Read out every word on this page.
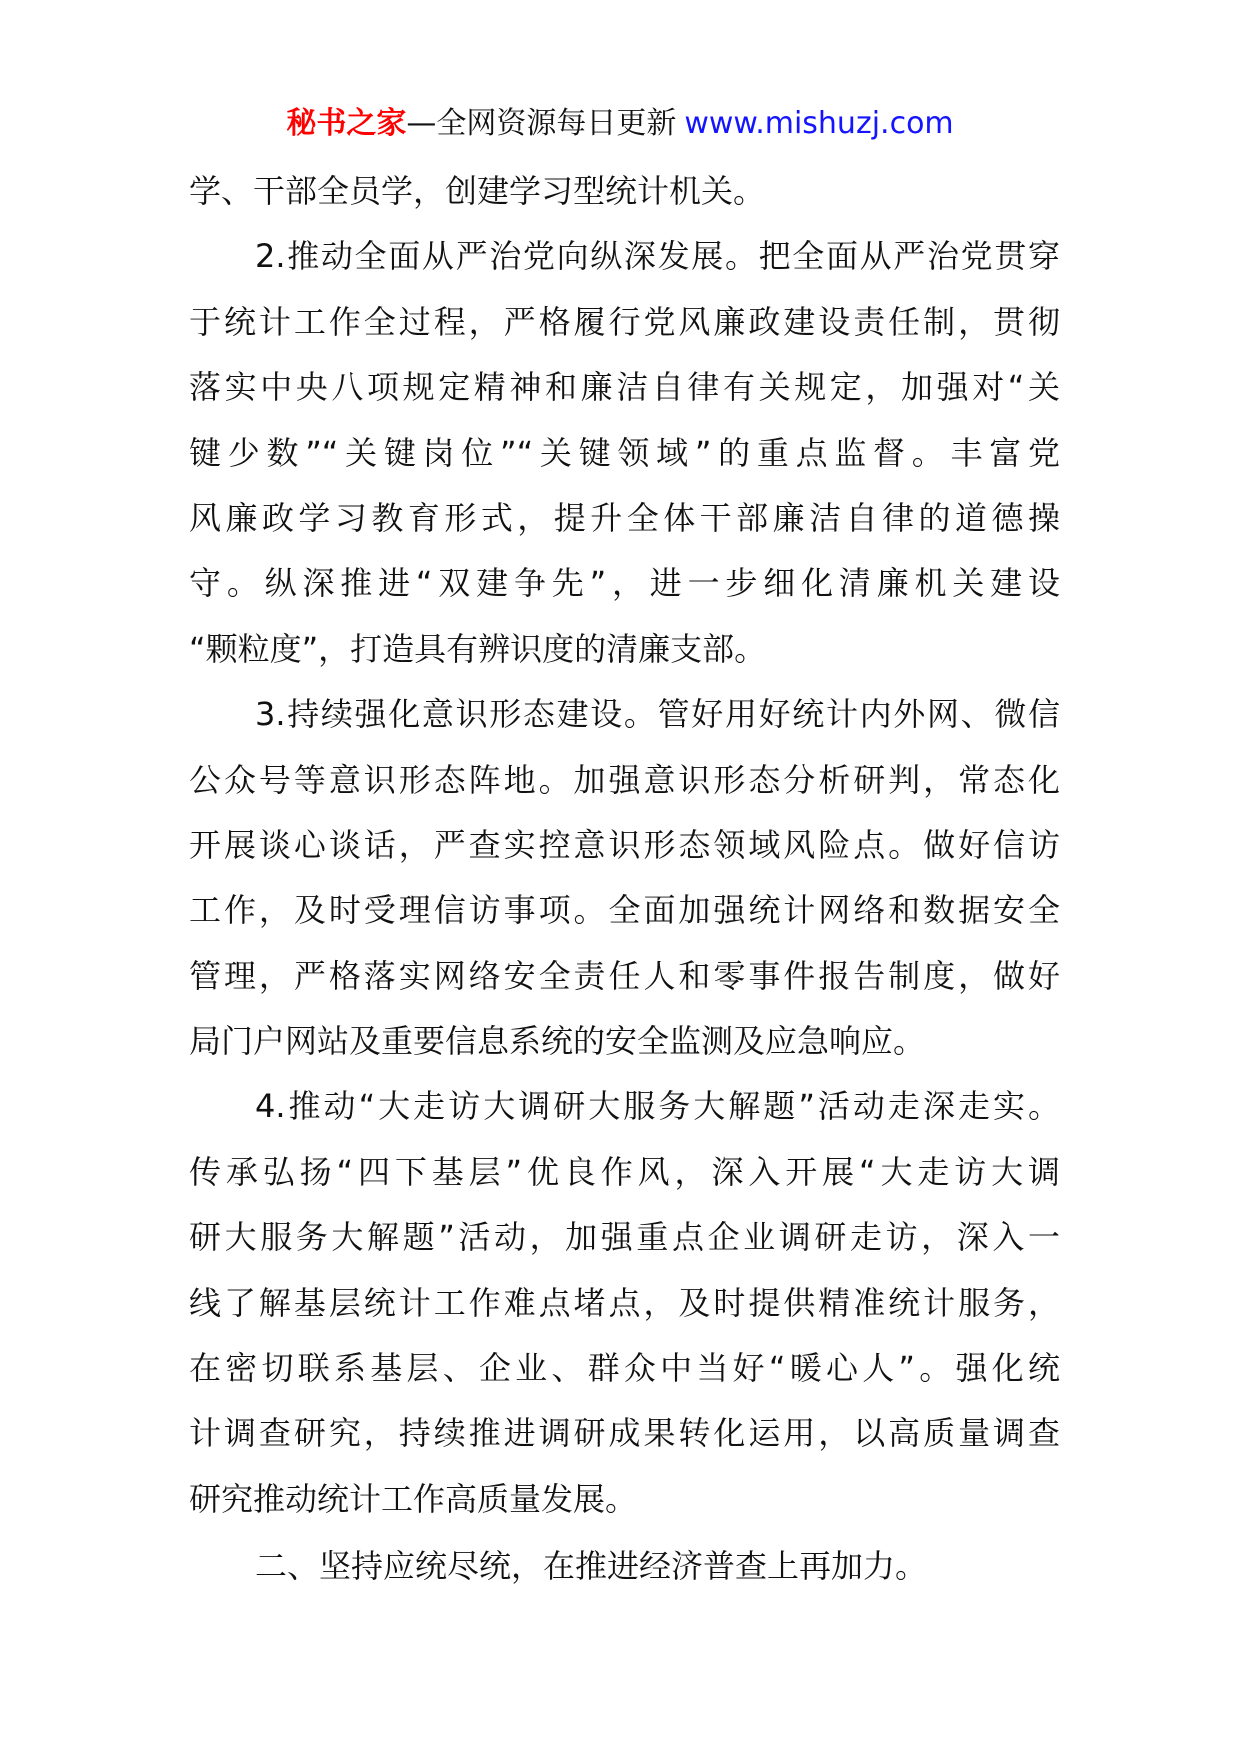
秘书之家—全网资源每日更新 www.mishuzj.com
学、干部全员学，创建学习型统计机关。
2.推动全面从严治党向纵深发展。把全面从严治党贯穿
于统计工作全过程，严格履行党风廉政建设责任制，贯彻
落实中央八项规定精神和廉洁自律有关规定，加强对“关
键少数”“关键岗位”“关键领域”的重点监督。丰富党
风廉政学习教育形式，提升全体干部廉洁自律的道德操
守。纵深推进“双建争先”，进一步细化清廉机关建设
“颗粒度”，打造具有辨识度的清廉支部。
3.持续强化意识形态建设。管好用好统计内外网、微信
公众号等意识形态阵地。加强意识形态分析研判，常态化
开展谈心谈话，严查实控意识形态领域风险点。做好信访
工作，及时受理信访事项。全面加强统计网络和数据安全
管理，严格落实网络安全责任人和零事件报告制度，做好
局门户网站及重要信息系统的安全监测及应急响应。
4.推动“大走访大调研大服务大解题”活动走深走实。
传承弘扬“四下基层”优良作风，深入开展“大走访大调
研大服务大解题”活动，加强重点企业调研走访，深入一
线了解基层统计工作难点堵点，及时提供精准统计服务，
在密切联系基层、企业、群众中当好“暖心人”。强化统
计调查研究，持续推进调研成果转化运用，以高质量调查
研究推动统计工作高质量发展。
二、坚持应统尽统，在推进经济普查上再加力。
